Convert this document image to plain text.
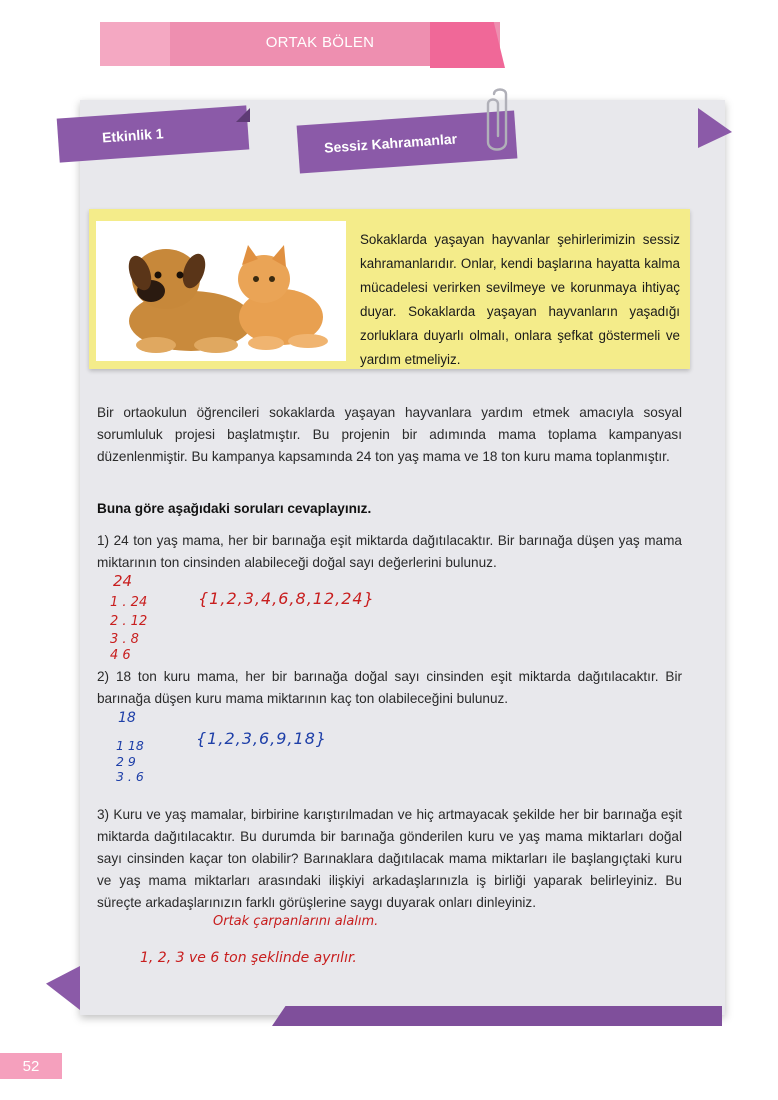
ORTAK BÖLEN
Etkinlik 1	Sessiz Kahramanlar
Sokaklarda yaşayan hayvanlar şehirlerimizin sessiz kahramanlarıdır. Onlar, kendi başlarına hayatta kalma mücadelesi verirken sevilmeye ve korunmaya ihtiyaç duyar. Sokaklarda yaşayan hayvanların yaşadığı zorluklara duyarlı olmalı, onlara şefkat göstermeli ve yardım etmeliyiz.
Bir ortaokulun öğrencileri sokaklarda yaşayan hayvanlara yardım etmek amacıyla sosyal sorumluluk projesi başlatmıştır. Bu projenin bir adımında mama toplama kampanyası düzenlenmiştir. Bu kampanya kapsamında 24 ton yaş mama ve 18 ton kuru mama toplanmıştır.
Buna göre aşağıdaki soruları cevaplayınız.
1) 24 ton yaş mama, her bir barınağa eşit miktarda dağıtılacaktır. Bir barınağa düşen yaş mama miktarının ton cinsinden alabileceği doğal sayı değerlerini bulunuz.
24
1 . 24
2 . 12
3 . 8
4 6
{1,2,3,4,6,8,12,24}
2) 18 ton kuru mama, her bir barınağa doğal sayı cinsinden eşit miktarda dağıtılacaktır. Bir barınağa düşen kuru mama miktarının kaç ton olabileceğini bulunuz.
18
1 18
2 9
3 . 6
{1,2,3,6,9,18}
3) Kuru ve yaş mamalar, birbirine karıştırılmadan ve hiç artmayacak şekilde her bir barınağa eşit miktarda dağıtılacaktır. Bu durumda bir barınağa gönderilen kuru ve yaş mama miktarları doğal sayı cinsinden kaçar ton olabilir? Barınaklara dağıtılacak mama miktarları ile başlangıçtaki kuru ve yaş mama miktarları arasındaki ilişkiyi arkadaşlarınızla iş birliği yaparak belirleyiniz. Bu süreçte arkadaşlarınızın farklı görüşlerine saygı duyarak onları dinleyiniz.
Ortak çarpanlarını alalım.
1, 2, 3 ve 6 ton şeklinde ayrılır.
52
